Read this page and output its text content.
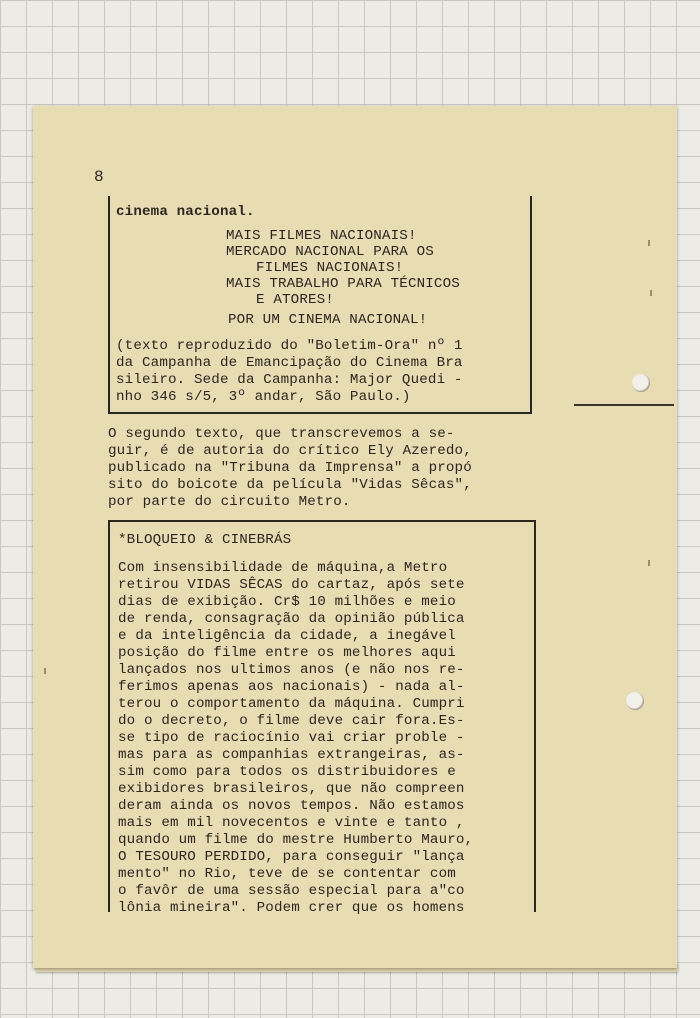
8
cinema nacional.
MAIS FILMES NACIONAIS!
MERCADO NACIONAL PARA OS
FILMES NACIONAIS!
MAIS TRABALHO PARA TÉCNICOS
E ATORES!
POR UM CINEMA NACIONAL!
(texto reproduzido do "Boletim-Ora" nº 1
da Campanha de Emancipação do Cinema Bra
sileiro. Sede da Campanha: Major Quedi -
nho 346 s/5, 3º andar, São Paulo.)
O segundo texto, que transcrevemos a se-
guir, é de autoria do crítico Ely Azeredo,
publicado na "Tribuna da Imprensa" a propó
sito do boicote da película "Vidas Sêcas",
por parte do circuito Metro.
*BLOQUEIO & CINEBRÁS
Com insensibilidade de máquina,a Metro
retirou VIDAS SÊCAS do cartaz, após sete
dias de exibição. Cr$ 10 milhões e meio
de renda, consagração da opinião pública
e da inteligência da cidade, a inegável
posição do filme entre os melhores aqui
lançados nos ultimos anos (e não nos re-
ferimos apenas aos nacionais) - nada al-
terou o comportamento da máquina. Cumpri
do o decreto, o filme deve cair fora.Es-
se tipo de raciocínio vai criar proble -
mas para as companhias extrangeiras, as-
sim como para todos os distribuidores e
exibidores brasileiros, que não compreen
deram ainda os novos tempos. Não estamos
mais em mil novecentos e vinte e tanto ,
quando um filme do mestre Humberto Mauro,
O TESOURO PERDIDO, para conseguir "lança
mento" no Rio, teve de se contentar com
o favôr de uma sessão especial para a"co
lônia mineira". Podem crer que os homens
